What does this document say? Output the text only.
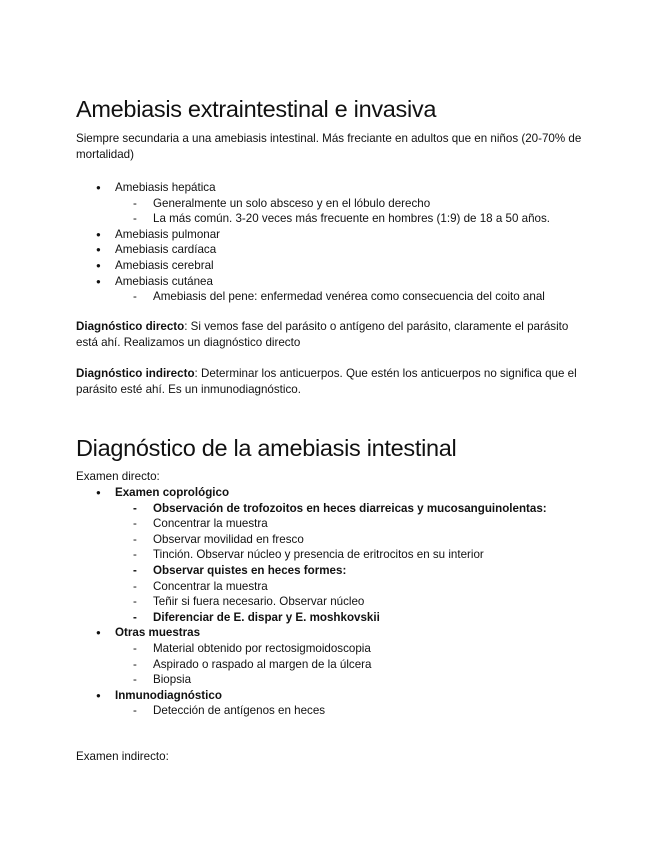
Amebiasis extraintestinal e invasiva

Siempre secundaria a una amebiasis intestinal. Más freciante en adultos que en niños (20-70% de mortalidad)

● Amebiasis hepática
- Generalmente un solo absceso y en el lóbulo derecho
- La más común. 3-20 veces más frecuente en hombres (1:9) de 18 a 50 años.
● Amebiasis pulmonar
● Amebiasis cardíaca
● Amebiasis cerebral
● Amebiasis cutánea
- Amebiasis del pene: enfermedad venérea como consecuencia del coito anal

Diagnóstico directo: Si vemos fase del parásito o antígeno del parásito, claramente el parásito está ahí. Realizamos un diagnóstico directo

Diagnóstico indirecto: Determinar los anticuerpos. Que estén los anticuerpos no significa que el parásito esté ahí. Es un inmunodiagnóstico.

Diagnóstico de la amebiasis intestinal

Examen directo:

● Examen coprológico
- Observación de trofozoitos en heces diarreicas y mucosanguinolentas:
- Concentrar la muestra
- Observar movilidad en fresco
- Tinción. Observar núcleo y presencia de eritrocitos en su interior
- Observar quistes en heces formes:
- Concentrar la muestra
- Teñir si fuera necesario. Observar núcleo
- Diferenciar de E. dispar y E. moshkovskii
● Otras muestras
- Material obtenido por rectosigmoidoscopia
- Aspirado o raspado al margen de la úlcera
- Biopsia
● Inmunodiagnóstico
- Detección de antígenos en heces

Examen indirecto:
